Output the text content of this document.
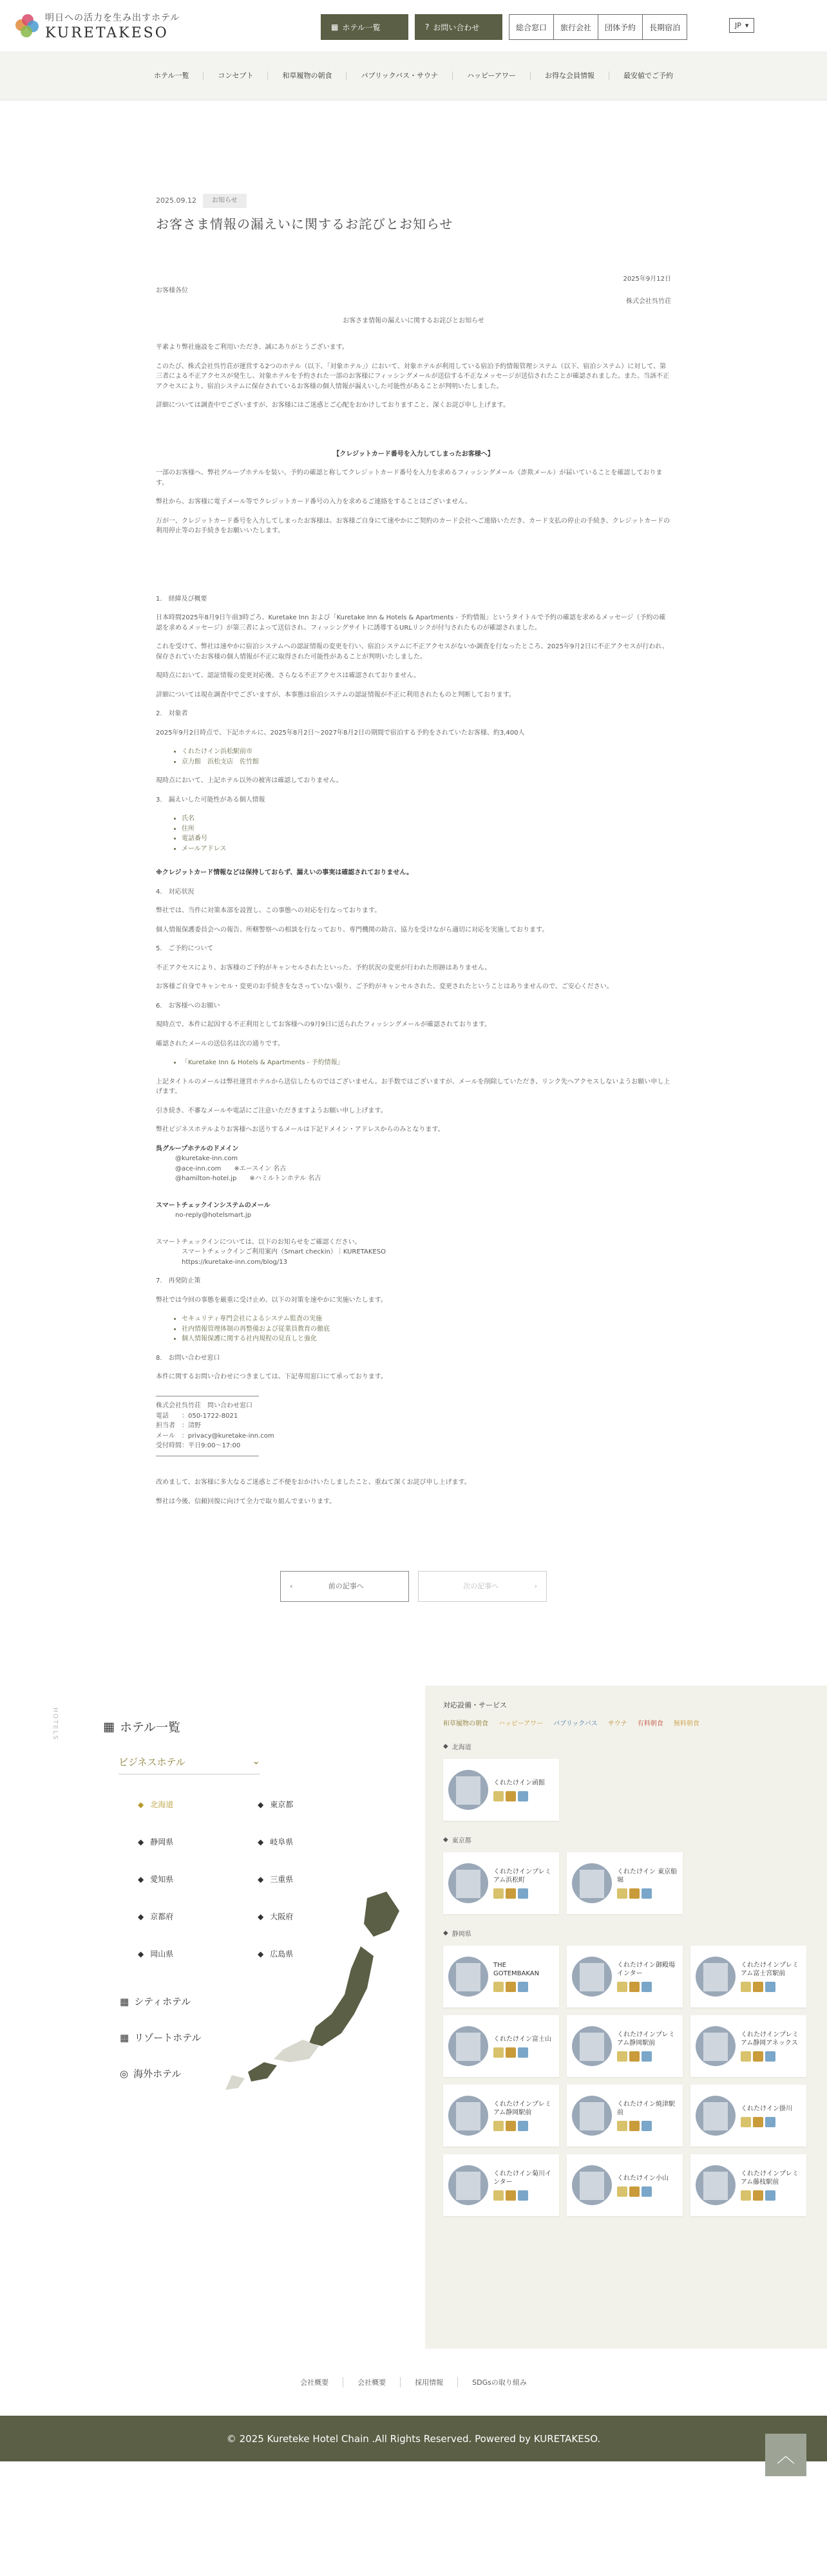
明日への活力を生み出すホテル
KURETAKESO	▦ ホテル一覧	? お問い合わせ	総合窓口	旅行会社	団体予約	長期宿泊	JP ▾
ホテル一覧	コンセプト	和草履物の朝食	パブリックバス・サウナ	ハッピーアワー	お得な会員情報	最安値でご予約
2025.09.12	お知らせ
お客さま情報の漏えいに関するお詫びとお知らせ

2025年9月12日

お客様各位

株式会社呉竹荘

お客さま情報の漏えいに関するお詫びとお知らせ

平素より弊社施設をご利用いただき、誠にありがとうございます。

このたび、株式会社呉竹荘が運営する2つのホテル（以下、「対象ホテル」）において、対象ホテルが利用している宿泊予約情報管理システム（以下、宿泊システム）に対して、第三者による不正アクセスが発生し、対象ホテルを予約された一部のお客様にフィッシングメールが送信する不正なメッセージが送信されたことが確認されました。また、当該不正アクセスにより、宿泊システムに保存されているお客様の個人情報が漏えいした可能性があることが判明いたしました。

詳細については調査中でございますが、お客様にはご迷惑とご心配をおかけしておりますこと、深くお詫び申し上げます。

【クレジットカード番号を入力してしまったお客様へ】

一部のお客様へ、弊社グループホテルを装い、予約の確認と称してクレジットカード番号を入力を求めるフィッシングメール（詐欺メール）が届いていることを確認しております。

弊社から、お客様に電子メール等でクレジットカード番号の入力を求めるご連絡をすることはございません。

万が一、クレジットカード番号を入力してしまったお客様は、お客様ご自身にて速やかにご契約のカード会社へご連絡いただき、カード支払の停止の手続き、クレジットカードの利用停止等のお手続きをお願いいたします。

1.　経緯及び概要

日本時間2025年8月9日午前3時ごろ、Kuretake Inn および「Kuretake Inn & Hotels & Apartments - 予約情報」というタイトルで予約の確認を求めるメッセージ（予約の確認を求めるメッセージ）が第三者によって送信され、フィッシングサイトに誘導するURLリンクが付与されたものが確認されました。

これを受けて、弊社は速やかに宿泊システムへの認証情報の変更を行い、宿泊システムに不正アクセスがないか調査を行なったところ、2025年9月2日に不正アクセスが行われ、保存されていたお客様の個人情報が不正に取得された可能性があることが判明いたしました。

現時点において、認証情報の変更対応後、さらなる不正アクセスは確認されておりません。

詳細については現在調査中でございますが、本事態は宿泊システムの認証情報が不正に利用されたものと判断しております。

2.　対象者

2025年9月2日時点で、下記ホテルに、2025年8月2日〜2027年8月2日の期間で宿泊する予約をされていたお客様、約3,400人

• くれたけイン浜松駅前市
• 京力館　浜松支店　佐竹館

現時点において、上記ホテル以外の被害は確認しておりません。

3.　漏えいした可能性がある個人情報

• 氏名
• 住所
• 電話番号
• メールアドレス

※クレジットカード情報などは保持しておらず、漏えいの事実は確認されておりません。

4.　対応状況

弊社では、当件に対策本部を設置し、この事態への対応を行なっております。

個人情報保護委員会への報告、所轄警察への相談を行なっており、専門機関の助言、協力を受けながら適切に対応を実施しております。

5.　ご予約について

不正アクセスにより、お客様のご予約がキャンセルされたといった、予約状況の変更が行われた形跡はありません。

お客様ご自身でキャンセル・変更のお手続きをなさっていない限り、ご予約がキャンセルされた、変更されたということはありませんので、ご安心ください。

6.　お客様へのお願い

現時点で、本件に起因する不正利用としてお客様への9月9日に送られたフィッシングメールが確認されております。

確認されたメールの送信名は次の通りです。

• 「Kuretake Inn & Hotels & Apartments - 予約情報」

上記タイトルのメールは弊社運営ホテルから送信したものではございません。お手数ではございますが、メールを削除していただき、リンク先へアクセスしないようお願い申し上げます。

引き続き、不審なメールや電話にご注意いただきますようお願い申し上げます。

弊社ビジネスホテルよりお客様へお送りするメールは下記ドメイン・アドレスからのみとなります。

呉グループホテルのドメイン

@kuretake-inn.com
@ace-inn.com　　※エースイン 名古
@hamilton-hotel.jp　　※ハミルトンホテル 名古

スマートチェックインシステムのメール

no-reply@hotelsmart.jp

スマートチェックインについては、以下のお知らせをご確認ください。

スマートチェックインご利用案内（Smart checkin）｜KURETAKESO
https://kuretake-inn.com/blog/13

7.　再発防止策

弊社では今回の事態を厳重に受け止め、以下の対策を速やかに実施いたします。

• セキュリティ専門会社によるシステム監査の実施
• 社内情報管理体制の再整備および従業員教育の徹底
• 個人情報保護に関する社内規程の見直しと強化

8.　お問い合わせ窓口

本件に関するお問い合わせにつきましては、下記専用窓口にて承っております。

――――――――――――――――
株式会社呉竹荘　問い合わせ窓口
電話　　：050-1722-8021
担当者　：清野
メール　：privacy@kuretake-inn.com
受付時間：平日9:00〜17:00
――――――――――――――――

改めまして、お客様に多大なるご迷惑とご不便をおかけいたしましたこと、重ねて深くお詫び申し上げます。

弊社は今後、信頼回復に向けて全力で取り組んでまいります。

‹	前の記事へ	次の記事へ	›
HOTELS	▦ ホテル一覧
ビジネスホテル	⌄
◆ 北海道	◆ 東京都
◆ 静岡県	◆ 岐阜県
◆ 愛知県	◆ 三重県
◆ 京都府	◆ 大阪府
◆ 岡山県	◆ 広島県
▦ シティホテル
▦ リゾートホテル
◎ 海外ホテル
対応設備・サービス
和草履物の朝食 ハッピーアワー パブリックバス サウナ 有料朝食 無料朝食
◆ 北海道
くれたけイン函館
◆ 東京都
くれたけインプレミアム浜松町
くれたけイン 東京船堀
◆ 静岡県
THE GOTEMBAKAN
くれたけイン御殿場インター
くれたけインプレミアム富士宮駅前
くれたけイン富士山
くれたけインプレミアム静岡駅前
くれたけインプレミアム静岡アネックス
くれたけインプレミアム静岡駅前
くれたけイン焼津駅前
くれたけイン掛川
くれたけイン菊川インター
くれたけイン小山
くれたけインプレミアム藤枝駅前
︿
会社概要	会社概要	採用情報	SDGsの取り組み
© 2025 Kureteke Hotel Chain .All Rights Reserved. Powered by KURETAKESO.
